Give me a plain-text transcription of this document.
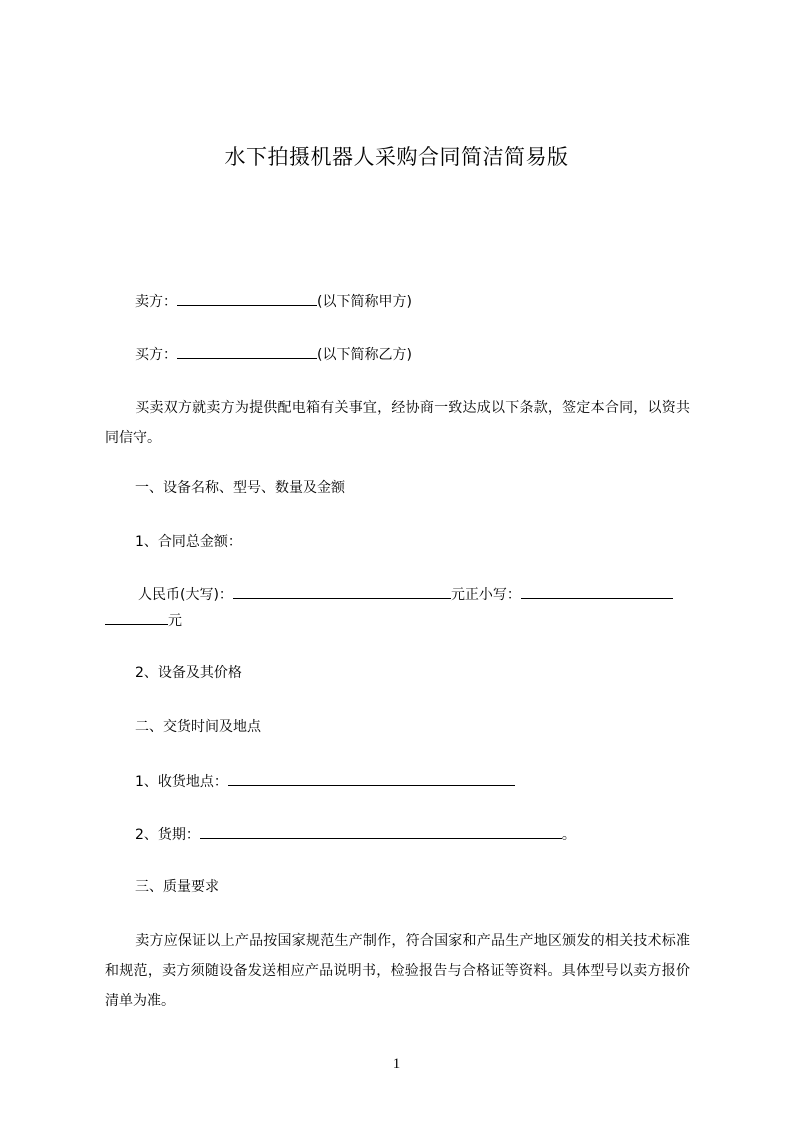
水下拍摄机器人采购合同简洁简易版
卖方：	(以下简称甲方)
买方：	(以下简称乙方)
买卖双方就卖方为提供配电箱有关事宜，经协商一致达成以下条款，签定本合同，以资共同信守。
一、设备名称、型号、数量及金额
1、合同总金额：
人民币(大写)：	元正小写：
元
2、设备及其价格
二、交货时间及地点
1、收货地点：
2、货期：	。
三、质量要求
卖方应保证以上产品按国家规范生产制作，符合国家和产品生产地区颁发的相关技术标准和规范，卖方须随设备发送相应产品说明书，检验报告与合格证等资料。具体型号以卖方报价清单为准。
1
